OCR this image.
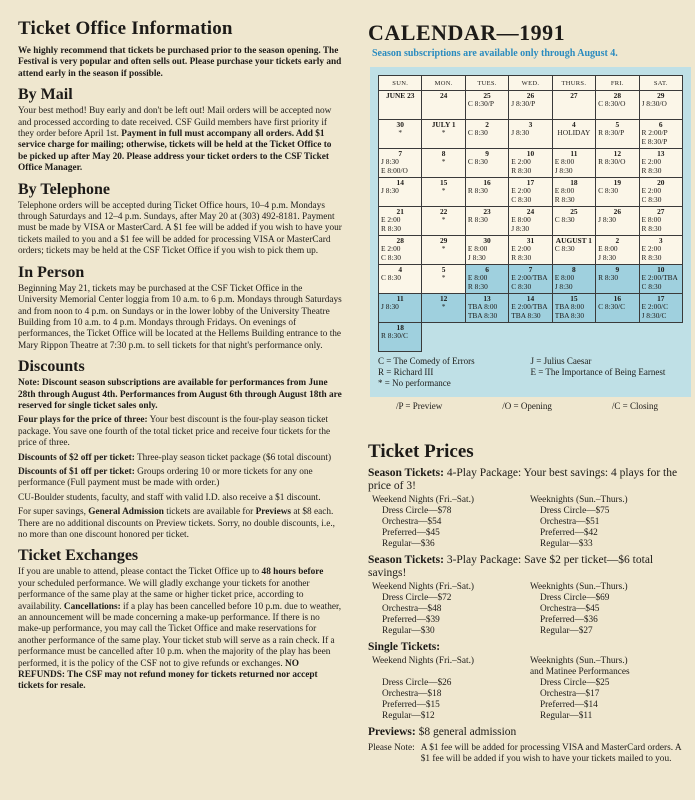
Ticket Office Information

We highly recommend that tickets be purchased prior to the season opening. The Festival is very popular and often sells out. Please purchase your tickets early and attend early in the season if possible.

By Mail

Your best method! Buy early and don't be left out! Mail orders will be accepted now and processed according to date received. CSF Guild members have first priority if they order before April 1st. Payment in full must accompany all orders. Add $1 service charge for mailing; otherwise, tickets will be held at the Ticket Office to be picked up after May 20. Please address your ticket orders to the CSF Ticket Office Manager.

By Telephone

Telephone orders will be accepted during Ticket Office hours, 10–4 p.m. Mondays through Saturdays and 12–4 p.m. Sundays, after May 20 at (303) 492-8181. Payment must be made by VISA or MasterCard. A $1 fee will be added if you wish to have your tickets mailed to you and a $1 fee will be added for processing VISA or MasterCard orders; tickets may be held at the CSF Ticket Office if you wish to pick them up.

In Person

Beginning May 21, tickets may be purchased at the CSF Ticket Office in the University Memorial Center loggia from 10 a.m. to 6 p.m. Mondays through Saturdays and from noon to 4 p.m. on Sundays or in the lower lobby of the University Theatre Building from 10 a.m. to 4 p.m. Mondays through Fridays. On evenings of performances, the Ticket Office will be located at the Hellems Building entrance to the Mary Rippon Theatre at 7:30 p.m. to sell tickets for that night's performance only.

Discounts

Note: Discount season subscriptions are available for performances from June 28th through August 4th. Performances from August 6th through August 18th are reserved for single ticket sales only.

Four plays for the price of three: Your best discount is the four-play season ticket package. You save one fourth of the total ticket price and receive four tickets for the price of three.

Discounts of $2 off per ticket: Three-play season ticket package ($6 total discount)

Discounts of $1 off per ticket: Groups ordering 10 or more tickets for any one performance (Full payment must be made with order.)

CU-Boulder students, faculty, and staff with valid I.D. also receive a $1 discount.

For super savings, General Admission tickets are available for Previews at $8 each. There are no additional discounts on Preview tickets. Sorry, no double discounts, i.e., no more than one discount honored per ticket.

Ticket Exchanges

If you are unable to attend, please contact the Ticket Office up to 48 hours before your scheduled performance. We will gladly exchange your tickets for another performance of the same play at the same or higher ticket price, according to availability. Cancellations: if a play has been cancelled before 10 p.m. due to weather, an announcement will be made concerning a make-up performance. If there is no make-up performance, you may call the Ticket Office and make reservations for another performance of the same play. Your ticket stub will serve as a rain check. If a performance must be cancelled after 10 p.m. when the majority of the play has been performed, it is the policy of the CSF not to give refunds or exchanges. NO REFUNDS: The CSF may not refund money for tickets returned nor accept tickets for resale.

CALENDAR—1991
Season subscriptions are available only through August 4.
SUN.	MON.	TUES.	WED.	THURS.	FRI.	SAT.

JUNE 23	24	25
C 8:30/P	26
J 8:30/P	27	28
C 8:30/O	29
J 8:30/O

30
*	JULY 1
*	2
C 8:30	3
J 8:30	4
HOLIDAY	5
R 8:30/P	6
R 2:00/P
E 8:30/P

7
J 8:30
E 8:00/O	8
*	9
C 8:30	10
E 2:00
R 8:30	11
E 8:00
J 8:30	12
R 8:30/O	13
E 2:00
R 8:30

14
J 8:30	15
*	16
R 8:30	17
E 2:00
C 8:30	18
E 8:00
R 8:30	19
C 8:30	20
E 2:00
C 8:30

21
E 2:00
R 8:30	22
*	23
R 8:30	24
E 8:00
J 8:30	25
C 8:30	26
J 8:30	27
E 8:00
R 8:30

28
E 2:00
C 8:30	29
*	30
E 8:00
J 8:30	31
E 2:00
R 8:30	AUGUST 1
C 8:30	2
E 8:00
J 8:30	3
E 2:00
R 8:30

4
C 8:30	5
*	6
E 8:00
R 8:30	7
E 2:00/TBA
C 8:30	8
E 8:00
J 8:30	9
R 8:30	10
E 2:00/TBA
C 8:30

11
J 8:30	12
*	13
TBA 8:00
TBA 8:30	14
E 2:00/TBA
TBA 8:30	15
TBA 8:00
TBA 8:30	16
C 8:30/C	17
E 2:00/C
J 8:30/C

18
R 8:30/C						

C = The Comedy of Errors	J = Julius Caesar
R = Richard III	E = The Importance of Being Earnest
* = No performance
/P = Preview	/O = Opening	/C = Closing
Ticket Prices
Season Tickets: 4-Play Package: Your best savings: 4 plays for the price of 3!
Weekend Nights (Fri.–Sat.)
Dress Circle—$78
Orchestra—$54
Preferred—$45
Regular—$36
Weeknights (Sun.–Thurs.)
Dress Circle—$75
Orchestra—$51
Preferred—$42
Regular—$33
Season Tickets: 3-Play Package: Save $2 per ticket—$6 total savings!
Weekend Nights (Fri.–Sat.)
Dress Circle—$72
Orchestra—$48
Preferred—$39
Regular—$30
Weeknights (Sun.–Thurs.)
Dress Circle—$69
Orchestra—$45
Preferred—$36
Regular—$27
Single Tickets:
Weekend Nights (Fri.–Sat.)

Dress Circle—$26
Orchestra—$18
Preferred—$15
Regular—$12
Weeknights (Sun.–Thurs.)
and Matinee Performances
Dress Circle—$25
Orchestra—$17
Preferred—$14
Regular—$11
Previews: $8 general admission
Please Note: A $1 fee will be added for processing VISA and MasterCard orders. A $1 fee will be added if you wish to have your tickets mailed to you.
